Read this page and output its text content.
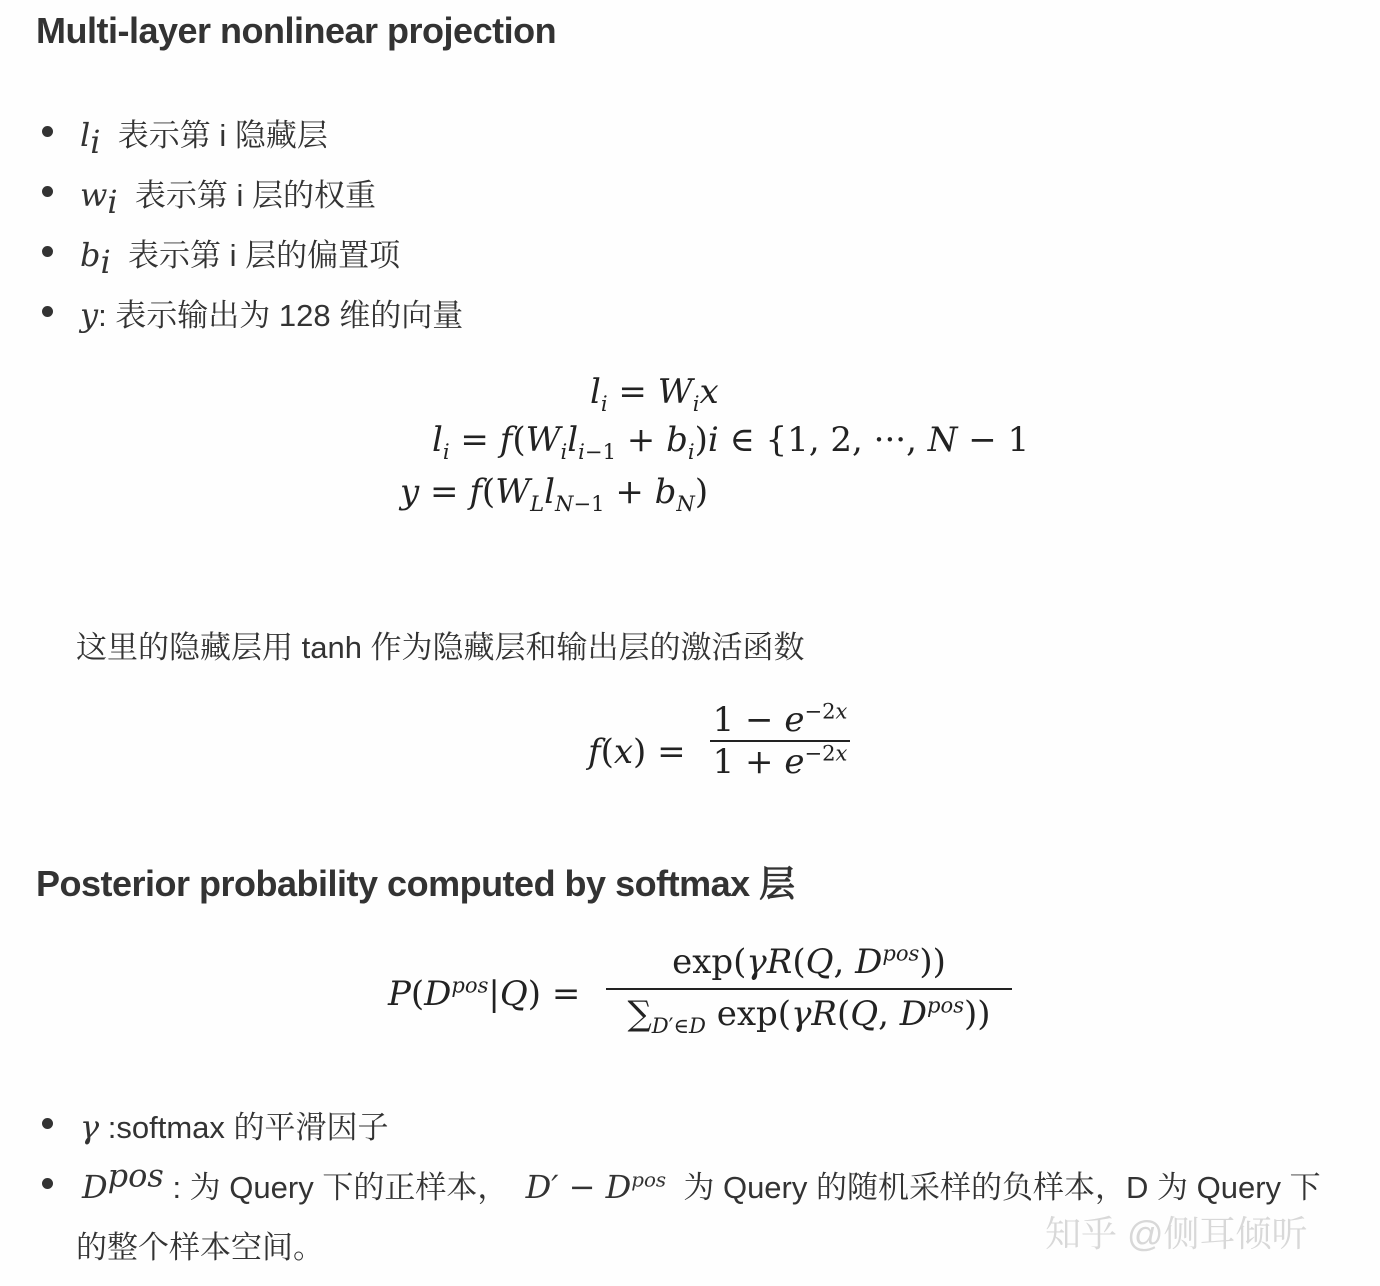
Multi-layer nonlinear projection
$l_i$ 表示第 i 隐藏层
$w_i$ 表示第 i 层的权重
$b_i$ 表示第 i 层的偏置项
y: 表示输出为 128 维的向量
$l_i = W_ix$
$l_i = f(W_il_{i-1} + b_i)i$ ∈ {1, 2, ···, N − 1
$y = f(W_Ll_{N-1} + b_N)$
这里的隐藏层用 tanh 作为隐藏层和输出层的激活函数
f(x) =
$1 - e^{-2x}$
$1 + e^{-2x}$
Posterior probability computed by softmax 层
$P(D^{pos}|Q)$ =
exp(γR(Q, $D^{pos}$))
$\sum_{D'\in D}$ exp(γR(Q, $D^{pos}$))
γ :softmax 的平滑因子
$D^{pos}$ : 为 Query 下的正样本， $D' - D^{pos}$ 为 Query 的随机采样的负样本，D 为 Query 下
的整个样本空间。	知乎 @侧耳倾听
